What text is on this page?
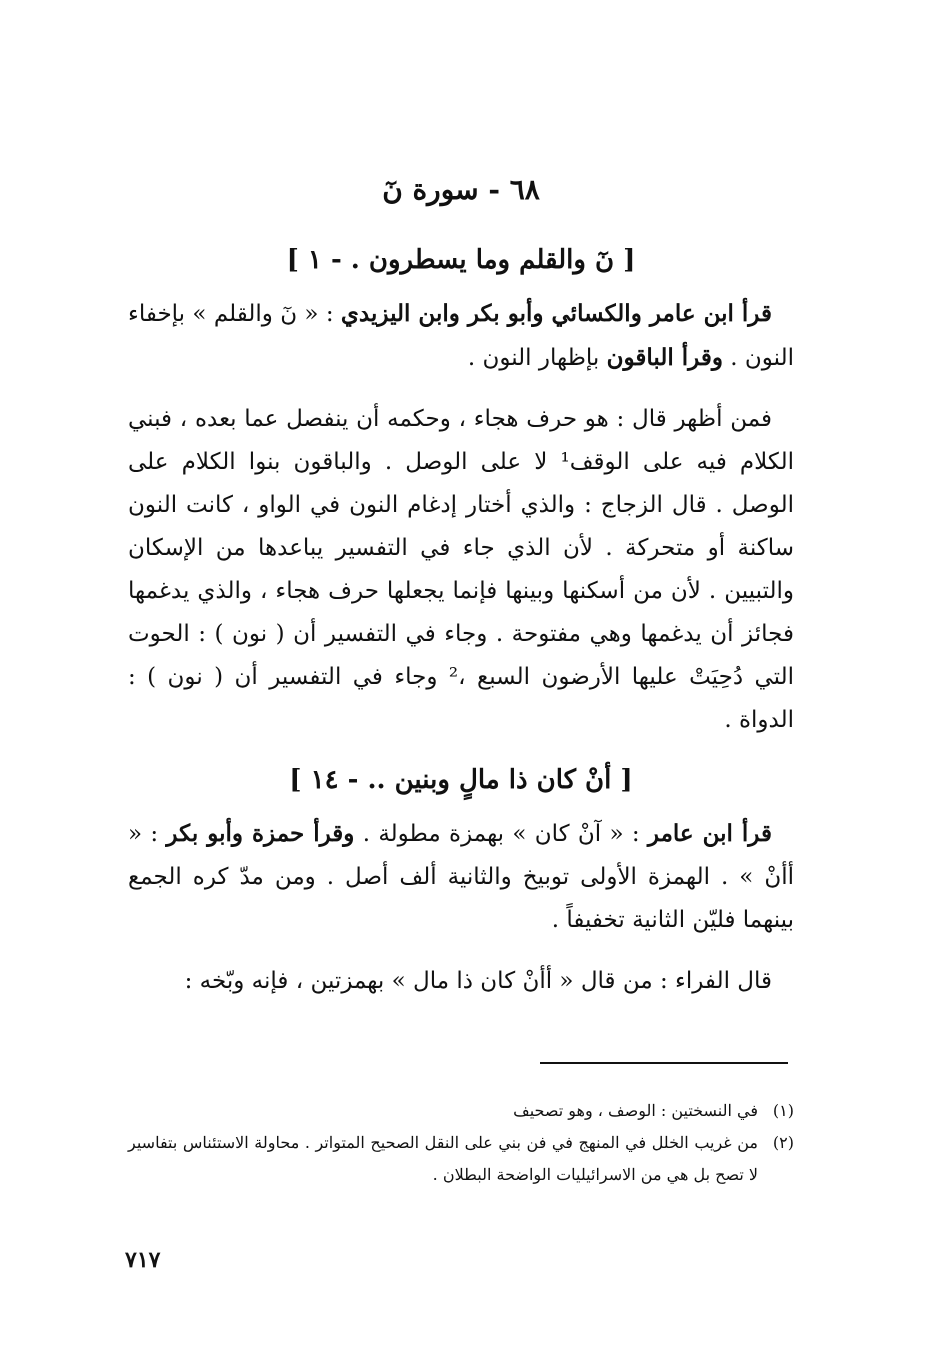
٦٨ - سورة نٓ
[ نٓ والقلم وما يسطرون . - ١ ]

قرأ ابن عامر والكسائي وأبو بكر وابن اليزيدي : « نٓ والقلم » بإخفاء النون . وقرأ الباقون بإظهار النون .

فمن أظهر قال : هو حرف هجاء ، وحكمه أن ينفصل عما بعده ، فبني الكلام فيه على الوقف¹ لا على الوصل . والباقون بنوا الكلام على الوصل . قال الزجاج : والذي أختار إدغام النون في الواو ، كانت النون ساكنة أو متحركة . لأن الذي جاء في التفسير يباعدها من الإسكان والتبيين . لأن من أسكنها وبينها فإنما يجعلها حرف هجاء ، والذي يدغمها فجائز أن يدغمها وهي مفتوحة . وجاء في التفسير أن ( نون ) : الحوت التي دُحِيَتْ عليها الأرضون السبع ،² وجاء في التفسير أن ( نون ) : الدواة .

[ أنْ كان ذا مالٍ وبنين .. - ١٤ ]

قرأ ابن عامر : « آنْ كان » بهمزة مطولة . وقرأ حمزة وأبو بكر : « أأنْ » . الهمزة الأولى توبيخ والثانية ألف أصل . ومن مدّ كره الجمع بينهما فليّن الثانية تخفيفاً .

قال الفراء : من قال « أأنْ كان ذا مال » بهمزتين ، فإنه وبّخه :

(١)
في النسختين : الوصف ، وهو تصحيف
(٢)
من غريب الخلل في المنهج في فن بني على النقل الصحيح المتواتر . محاولة الاستئناس بتفاسير لا تصح بل هي من الاسرائيليات الواضحة البطلان .
٧١٧
